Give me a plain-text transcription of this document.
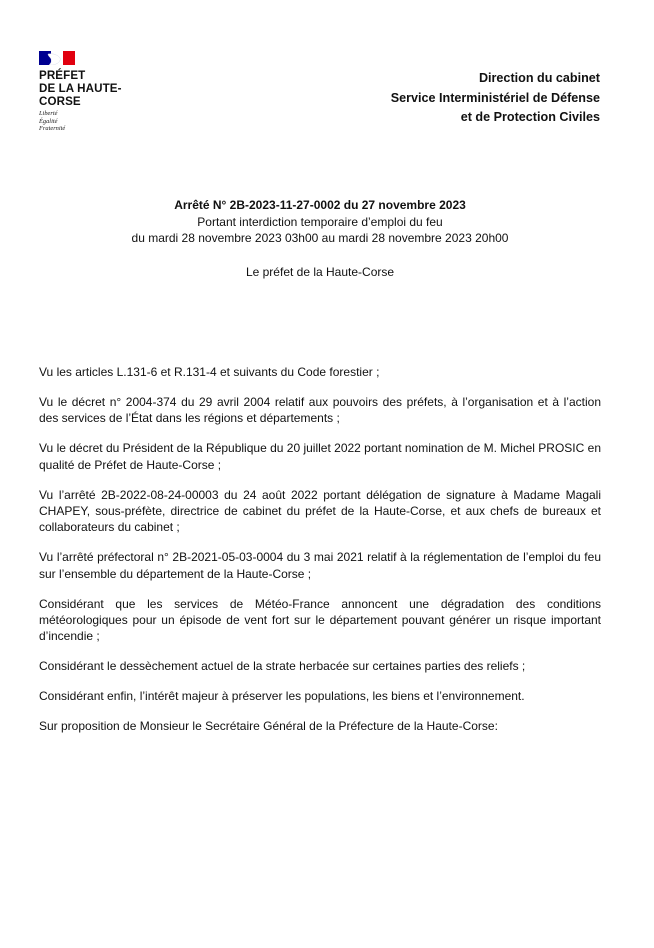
PRÉFET
DE LA HAUTE-
CORSE
Liberté
Égalité
Fraternité
Direction du cabinet
Service Interministériel de Défense
et de Protection Civiles
Arrêté N° 2B-2023-11-27-0002 du 27 novembre 2023
Portant interdiction temporaire d’emploi du feu
du mardi 28 novembre 2023 03h00 au mardi 28 novembre 2023 20h00
Le préfet de la Haute-Corse

Vu les articles L.131-6 et R.131-4 et suivants du Code forestier ;

Vu le décret n° 2004-374 du 29 avril 2004 relatif aux pouvoirs des préfets, à l’organisation et à l’action des services de l’État dans les régions et départements ;

Vu le décret du Président de la République du 20 juillet 2022 portant nomination de M. Michel PROSIC en qualité de Préfet de Haute-Corse ;

Vu l’arrêté 2B-2022-08-24-00003 du 24 août 2022 portant délégation de signature à Madame Magali CHAPEY, sous-préfète, directrice de cabinet du préfet de la Haute-Corse, et aux chefs de bureaux et collaborateurs du cabinet ;

Vu l’arrêté préfectoral n° 2B-2021-05-03-0004 du 3 mai 2021 relatif à la réglementation de l’emploi du feu sur l’ensemble du département de la Haute-Corse ;

Considérant que les services de Météo-France annoncent une dégradation des conditions météorologiques pour un épisode de vent fort sur le département pouvant générer un risque important d’incendie ;

Considérant le dessèchement actuel de la strate herbacée sur certaines parties des reliefs ;

Considérant enfin, l’intérêt majeur à préserver les populations, les biens et l’environnement.

Sur proposition de Monsieur le Secrétaire Général de la Préfecture de la Haute-Corse:
